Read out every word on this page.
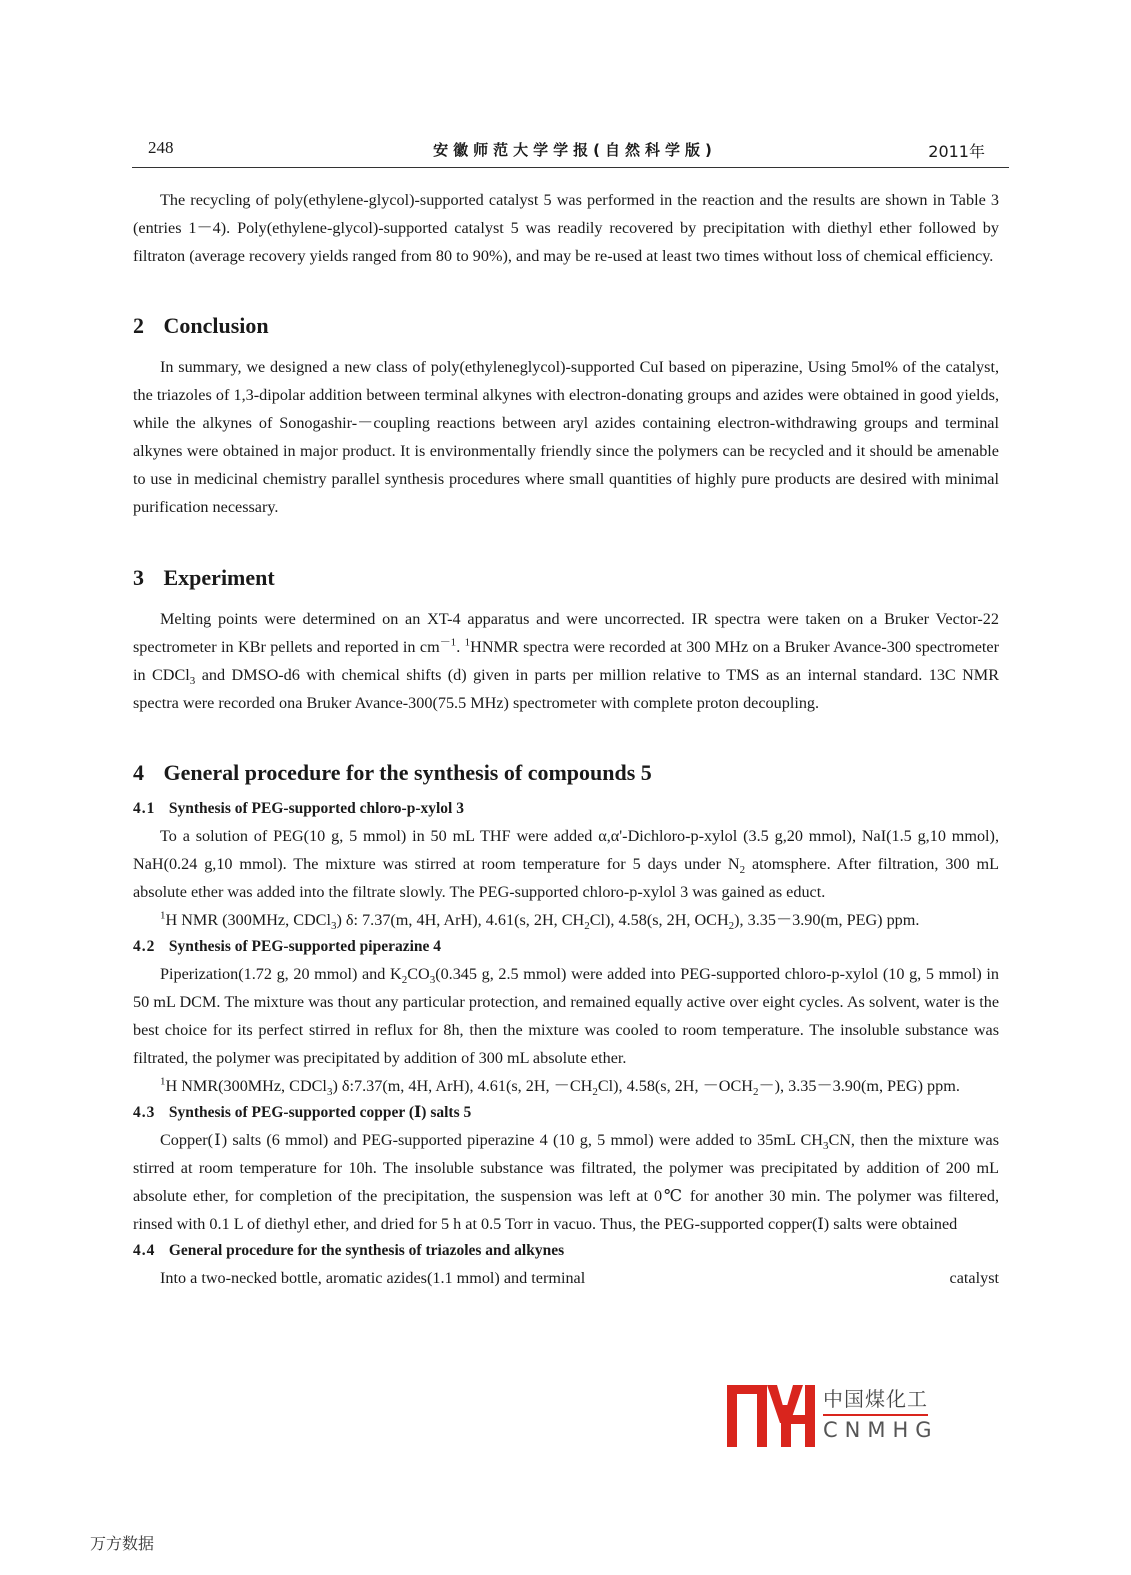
248	安徽师范大学学报(自然科学版)	2011年

The recycling of poly(ethylene-glycol)-supported catalyst 5 was performed in the reaction and the results are shown in Table 3 (entries 1－4). Poly(ethylene-glycol)-supported catalyst 5 was readily recovered by precipitation with diethyl ether followed by filtraton (average recovery yields ranged from 80 to 90%), and may be re-used at least two times without loss of chemical efficiency.

2 Conclusion

In summary, we designed a new class of poly(ethyleneglycol)-supported CuI based on piperazine, Using 5mol% of the catalyst, the triazoles of 1,3-dipolar addition between terminal alkynes with electron-donating groups and azides were obtained in good yields, while the alkynes of Sonogashir-－coupling reactions between aryl azides containing electron-withdrawing groups and terminal alkynes were obtained in major product. It is environmentally friendly since the polymers can be recycled and it should be amenable to use in medicinal chemistry parallel synthesis procedures where small quantities of highly pure products are desired with minimal purification necessary.

3 Experiment

Melting points were determined on an XT-4 apparatus and were uncorrected. IR spectra were taken on a Bruker Vector-22 spectrometer in KBr pellets and reported in $cm^{-1}$. $^1$HNMR spectra were recorded at 300 MHz on a Bruker Avance-300 spectrometer in CDCl$_3$ and DMSO-d6 with chemical shifts (d) given in parts per million relative to TMS as an internal standard. 13C NMR spectra were recorded ona Bruker Avance-300(75.5 MHz) spectrometer with complete proton decoupling.

4 General procedure for the synthesis of compounds 5
4.1 Synthesis of PEG-supported chloro-p-xylol 3

To a solution of PEG(10 g, 5 mmol) in 50 mL THF were added α,α'-Dichloro-p-xylol (3.5 g,20 mmol), NaI(1.5 g,10 mmol), NaH(0.24 g,10 mmol). The mixture was stirred at room temperature for 5 days under $N_2$ atomsphere. After filtration, 300 mL absolute ether was added into the filtrate slowly. The PEG-supported chloro-p-xylol 3 was gained as educt.

$^1$H NMR (300MHz, CDCl$_3$) δ: 7.37(m, 4H, ArH), 4.61(s, 2H, $CH_2Cl$), 4.58(s, 2H, $OCH_2$), 3.35－3.90(m, PEG) ppm.

4.2 Synthesis of PEG-supported piperazine 4

Piperization(1.72 g, 20 mmol) and $K_2CO_3(0.345$ g, 2.5 mmol) were added into PEG-supported chloro-p-xylol (10 g, 5 mmol) in 50 mL DCM. The mixture was thout any particular protection, and remained equally active over eight cycles. As solvent, water is the best choice for its perfect stirred in reflux for 8h, then the mixture was cooled to room temperature. The insoluble substance was filtrated, the polymer was precipitated by addition of 300 mL absolute ether.

$^1$H NMR(300MHz, CDCl$_3$) δ:7.37(m, 4H, ArH), 4.61(s, 2H, $-CH_2Cl$), 4.58(s, 2H, $-OCH_2-$), 3.35－3.90(m, PEG) ppm.

4.3 Synthesis of PEG-supported copper (Ⅰ) salts 5

Copper(Ⅰ) salts (6 mmol) and PEG-supported piperazine 4 (10 g, 5 mmol) were added to 35mL $CH_3CN$, then the mixture was stirred at room temperature for 10h. The insoluble substance was filtrated, the polymer was precipitated by addition of 200 mL absolute ether, for completion of the precipitation, the suspension was left at 0℃ for another 30 min. The polymer was filtered, rinsed with 0.1 L of diethyl ether, and dried for 5 h at 0.5 Torr in vacuo. Thus, the PEG-supported copper(Ⅰ) salts were obtained

4.4 General procedure for the synthesis of triazoles and alkynes

Into a two-necked bottle, aromatic azides(1.1 mmol) and terminal	catalyst

中国煤化工
CNMHG
万方数据
